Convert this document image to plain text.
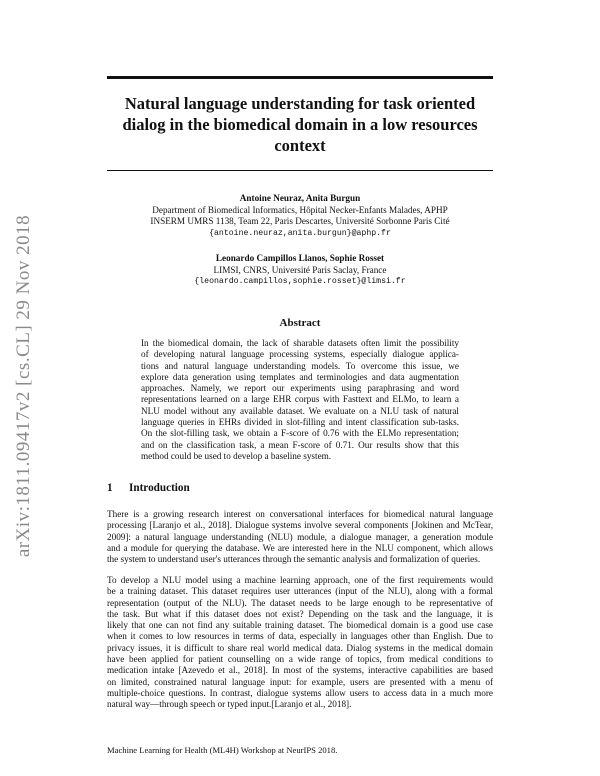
arXiv:1811.09417v2 [cs.CL] 29 Nov 2018
Natural language understanding for task oriented
dialog in the biomedical domain in a low resources
context
Antoine Neuraz, Anita Burgun
Department of Biomedical Informatics, Hôpital Necker-Enfants Malades, APHP
INSERM UMRS 1138, Team 22, Paris Descartes, Université Sorbonne Paris Cité
{antoine.neuraz,anita.burgun}@aphp.fr
Leonardo Campillos Llanos, Sophie Rosset
LIMSI, CNRS, Université Paris Saclay, France
{leonardo.campillos,sophie.rosset}@limsi.fr
Abstract
In the biomedical domain, the lack of sharable datasets often limit the possibility
of developing natural language processing systems, especially dialogue applica-
tions and natural language understanding models. To overcome this issue, we
explore data generation using templates and terminologies and data augmentation
approaches. Namely, we report our experiments using paraphrasing and word
representations learned on a large EHR corpus with Fasttext and ELMo, to learn a
NLU model without any available dataset. We evaluate on a NLU task of natural
language queries in EHRs divided in slot-filling and intent classification sub-tasks.
On the slot-filling task, we obtain a F-score of 0.76 with the ELMo representation;
and on the classification task, a mean F-score of 0.71. Our results show that this
method could be used to develop a baseline system.
1 Introduction
There is a growing research interest on conversational interfaces for biomedical natural language
processing [Laranjo et al., 2018]. Dialogue systems involve several components [Jokinen and McTear,
2009]: a natural language understanding (NLU) module, a dialogue manager, a generation module
and a module for querying the database. We are interested here in the NLU component, which allows
the system to understand user's utterances through the semantic analysis and formalization of queries.
To develop a NLU model using a machine learning approach, one of the first requirements would
be a training dataset. This dataset requires user utterances (input of the NLU), along with a formal
representation (output of the NLU). The dataset needs to be large enough to be representative of
the task. But what if this dataset does not exist? Depending on the task and the language, it is
likely that one can not find any suitable training dataset. The biomedical domain is a good use case
when it comes to low resources in terms of data, especially in languages other than English. Due to
privacy issues, it is difficult to share real world medical data. Dialog systems in the medical domain
have been applied for patient counselling on a wide range of topics, from medical conditions to
medication intake [Azevedo et al., 2018]. In most of the systems, interactive capabilities are based
on limited, constrained natural language input: for example, users are presented with a menu of
multiple-choice questions. In contrast, dialogue systems allow users to access data in a much more
natural way—through speech or typed input.[Laranjo et al., 2018].
Machine Learning for Health (ML4H) Workshop at NeurIPS 2018.
